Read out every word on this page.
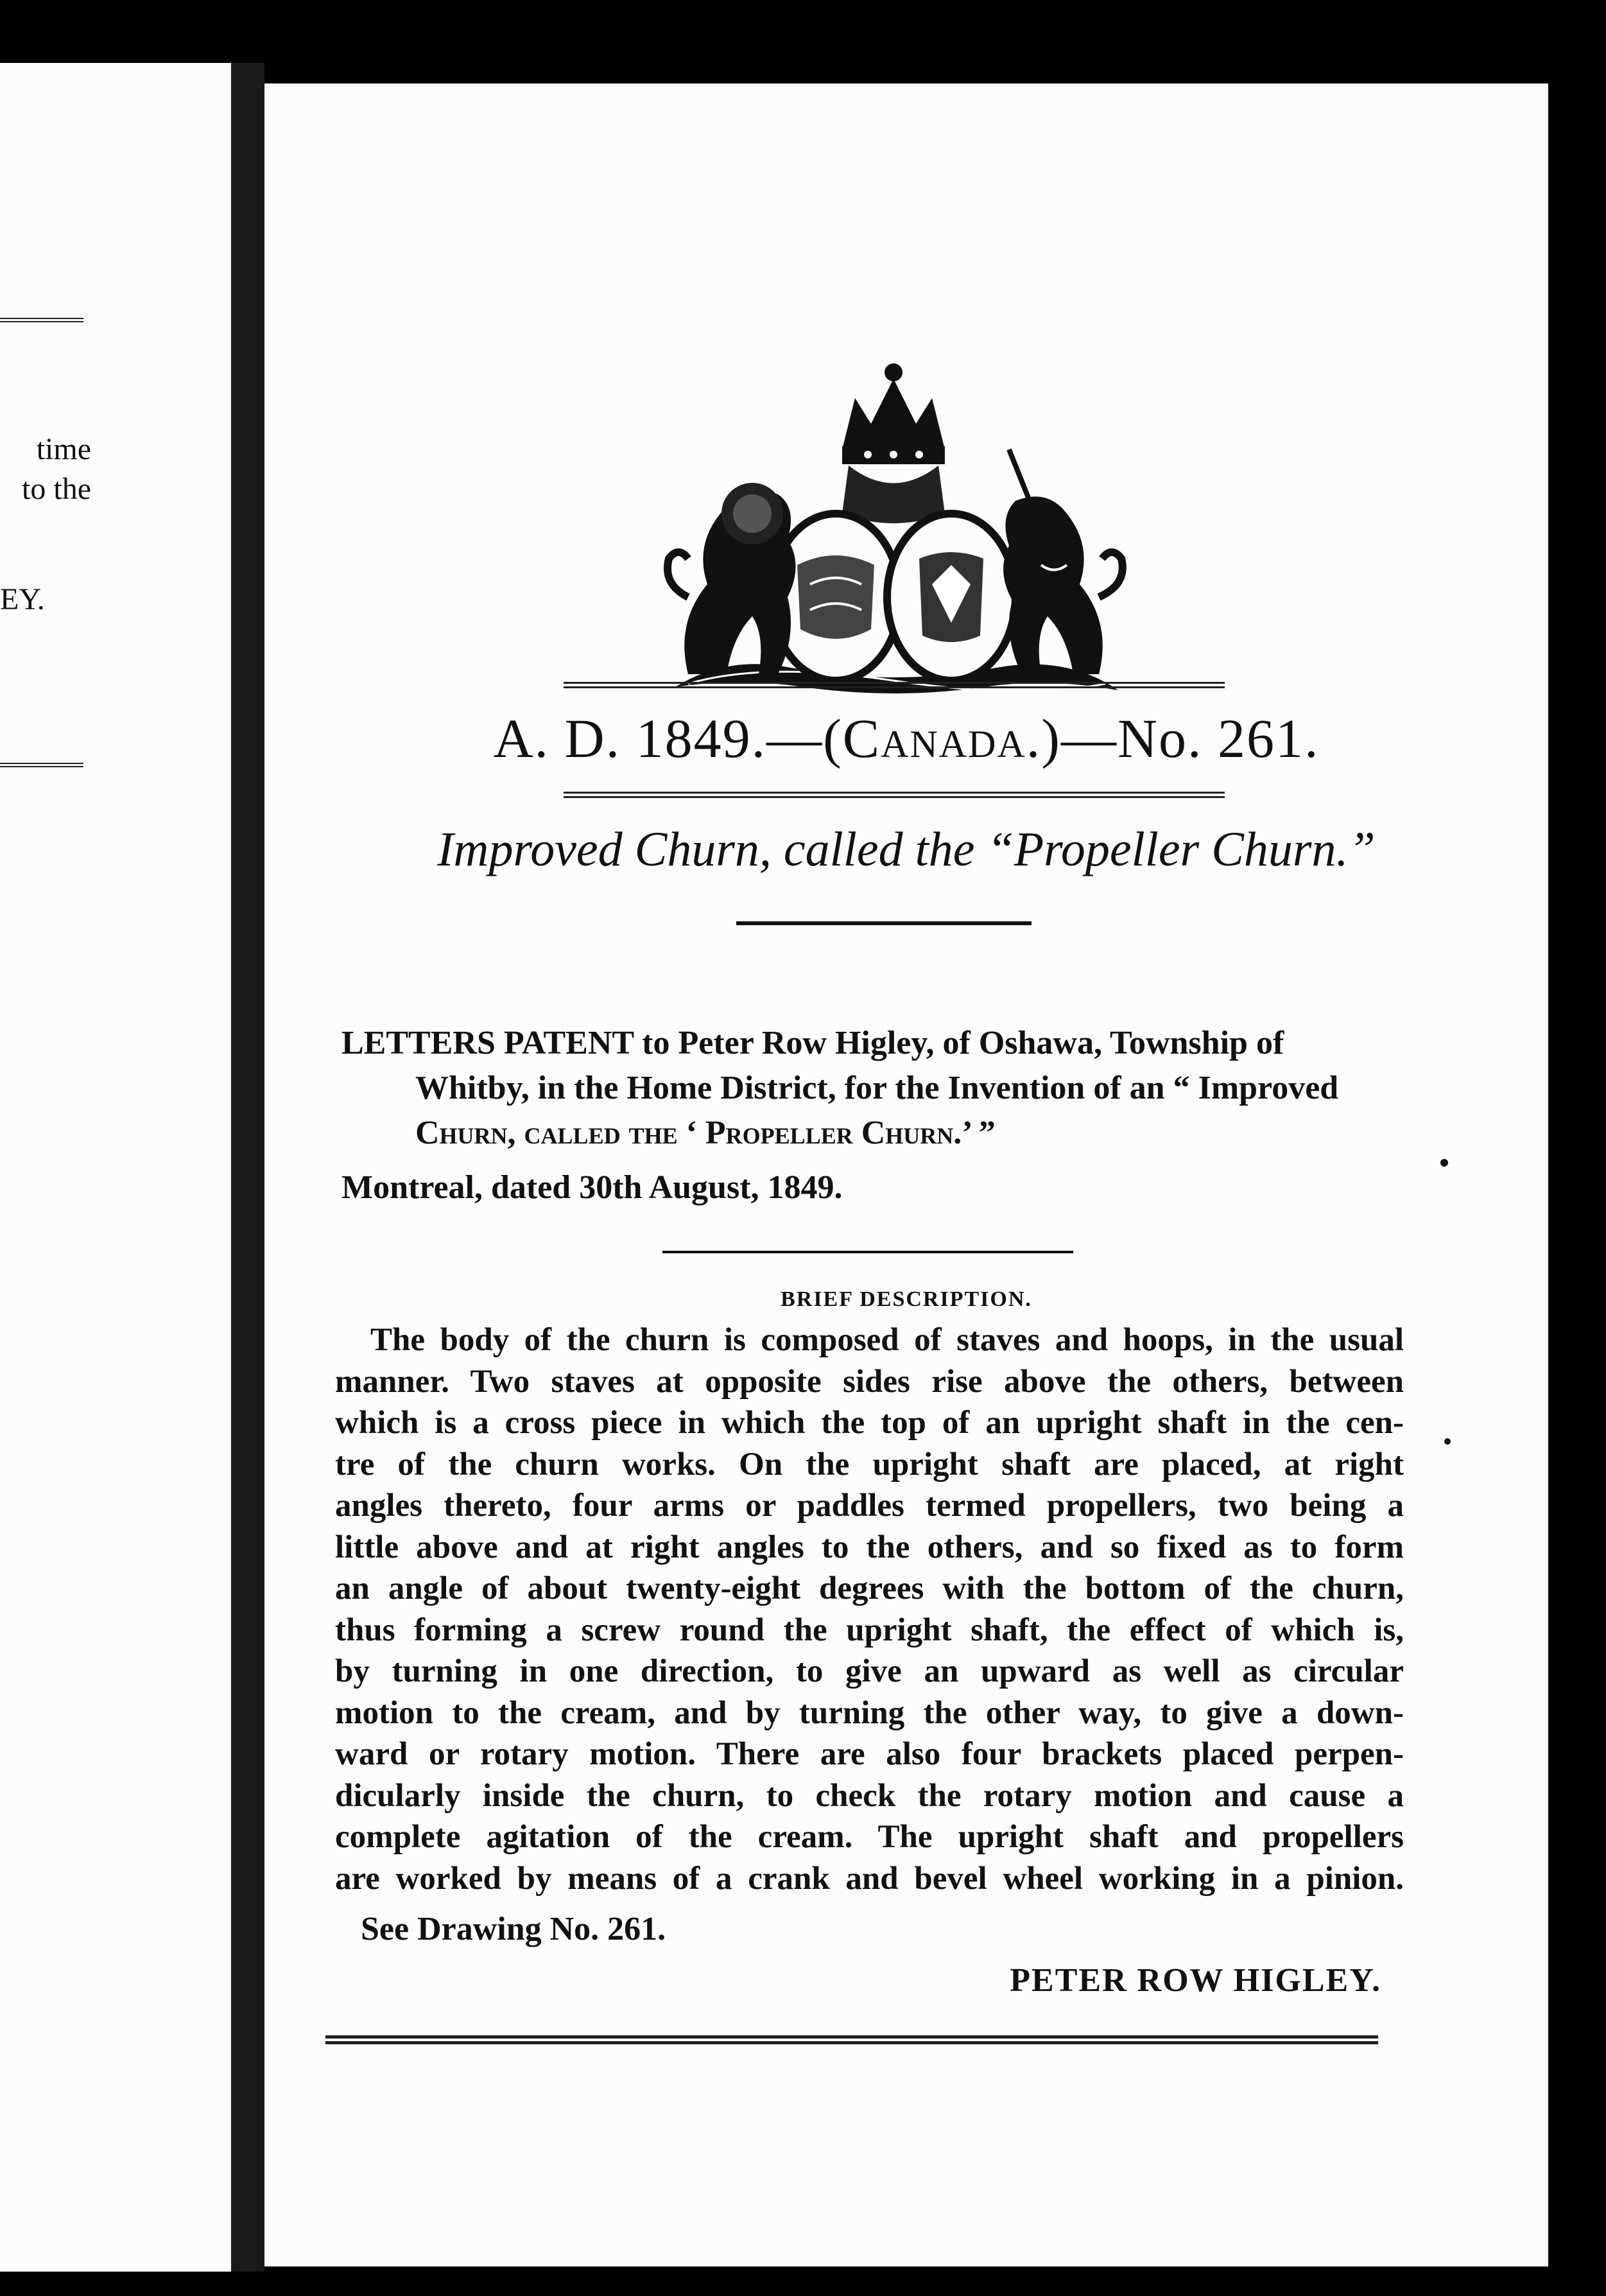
time
to the
EY.
A. D. 1849.—(Canada.)—No. 261.
Improved Churn, called the “Propeller Churn.”
LETTERS PATENT to Peter Row Higley, of Oshawa, Township of
Whitby, in the Home District, for the Invention of an “ Improved
Churn, called the ‘ Propeller Churn.’ ”
Montreal, dated 30th August, 1849.
BRIEF DESCRIPTION.
The body of the churn is composed of staves and hoops, in the usual
manner. Two staves at opposite sides rise above the others, between
which is a cross piece in which the top of an upright shaft in the cen-
tre of the churn works. On the upright shaft are placed, at right
angles thereto, four arms or paddles termed propellers, two being a
little above and at right angles to the others, and so fixed as to form
an angle of about twenty-eight degrees with the bottom of the churn,
thus forming a screw round the upright shaft, the effect of which is,
by turning in one direction, to give an upward as well as circular
motion to the cream, and by turning the other way, to give a down-
ward or rotary motion. There are also four brackets placed perpen-
dicularly inside the churn, to check the rotary motion and cause a
complete agitation of the cream. The upright shaft and propellers
are worked by means of a crank and bevel wheel working in a pinion.
See Drawing No. 261.
PETER ROW HIGLEY.
